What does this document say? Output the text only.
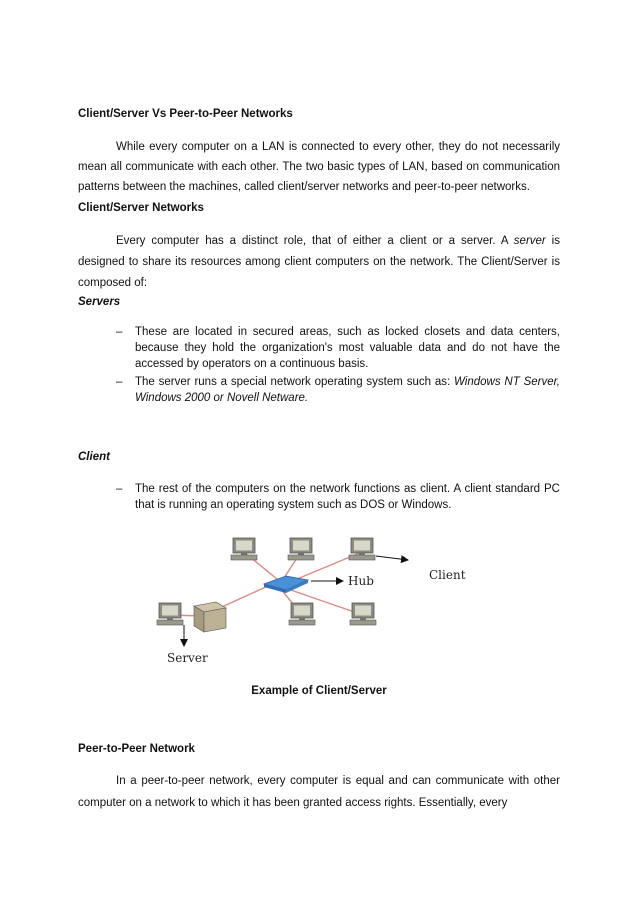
Client/Server Vs Peer-to-Peer Networks

While every computer on a LAN is connected to every other, they do not necessarily mean all communicate with each other. The two basic types of LAN, based on communication patterns between the machines, called client/server networks and peer-to-peer networks.

Client/Server Networks

Every computer has a distinct role, that of either a client or a server. A server is designed to share its resources among client computers on the network. The Client/Server is composed of:

Servers
– These are located in secured areas, such as locked closets and data centers, because they hold the organization's most valuable data and do not have the accessed by operators on a continuous basis.
– The server runs a special network operating system such as: Windows NT Server, Windows 2000 or Novell Netware.
Client
– The rest of the computers on the network functions as client. A client standard PC that is running an operating system such as DOS or Windows.
Client
Hub
Server
Example of Client/Server
Peer-to-Peer Network

In a peer-to-peer network, every computer is equal and can communicate with other computer on a network to which it has been granted access rights. Essentially, every
